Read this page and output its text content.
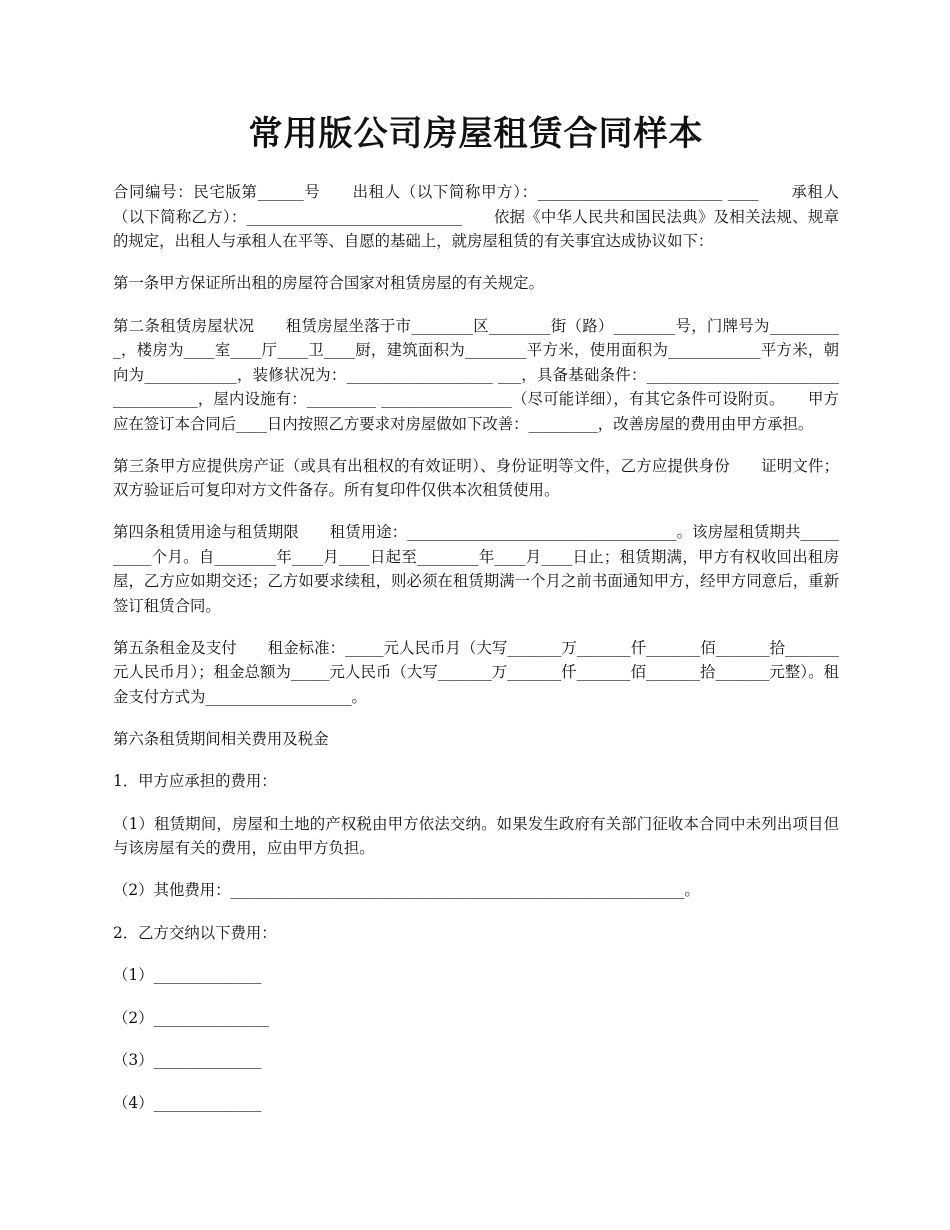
常用版公司房屋租赁合同样本

合同编号：民宅版第______号　　出租人（以下简称甲方）：________________________ ____　　承租人（以下简称乙方）：____________________________　　依据《中华人民共和国民法典》及相关法规、规章的规定，出租人与承租人在平等、自愿的基础上，就房屋租赁的有关事宜达成协议如下：

第一条甲方保证所出租的房屋符合国家对租赁房屋的有关规定。

第二条租赁房屋状况　　租赁房屋坐落于市________区________街（路）________号，门牌号为__________，楼房为____室____厅____卫____厨，建筑面积为________平方米，使用面积为____________平方米，朝向为____________，装修状况为：___________________ ___，具备基础条件：____________________________________，屋内设施有：_________ _________________（尽可能详细），有其它条件可设附页。　　甲方应在签订本合同后____日内按照乙方要求对房屋做如下改善：_________，改善房屋的费用由甲方承担。

第三条甲方应提供房产证（或具有出租权的有效证明）、身份证明等文件，乙方应提供身份　　证明文件；双方验证后可复印对方文件备存。所有复印件仅供本次租赁使用。

第四条租赁用途与租赁期限　　租赁用途：___________________________________。该房屋租赁期共__________个月。自________年____月____日起至________年____月____日止；租赁期满，甲方有权收回出租房屋，乙方应如期交还；乙方如要求续租，则必须在租赁期满一个月之前书面通知甲方，经甲方同意后，重新签订租赁合同。

第五条租金及支付　　租金标准：_____元人民币月（大写_______万_______仟_______佰_______拾_______元人民币月）；租金总额为_____元人民币（大写_______万_______仟_______佰_______拾_______元整）。租金支付方式为___________________。

第六条租赁期间相关费用及税金

1．甲方应承担的费用：

（1）租赁期间，房屋和土地的产权税由甲方依法交纳。如果发生政府有关部门征收本合同中未列出项目但与该房屋有关的费用，应由甲方负担。

（2）其他费用：___________________________________________________________。

2．乙方交纳以下费用：

（1）______________

（2）_______________

（3）______________

（4）______________
